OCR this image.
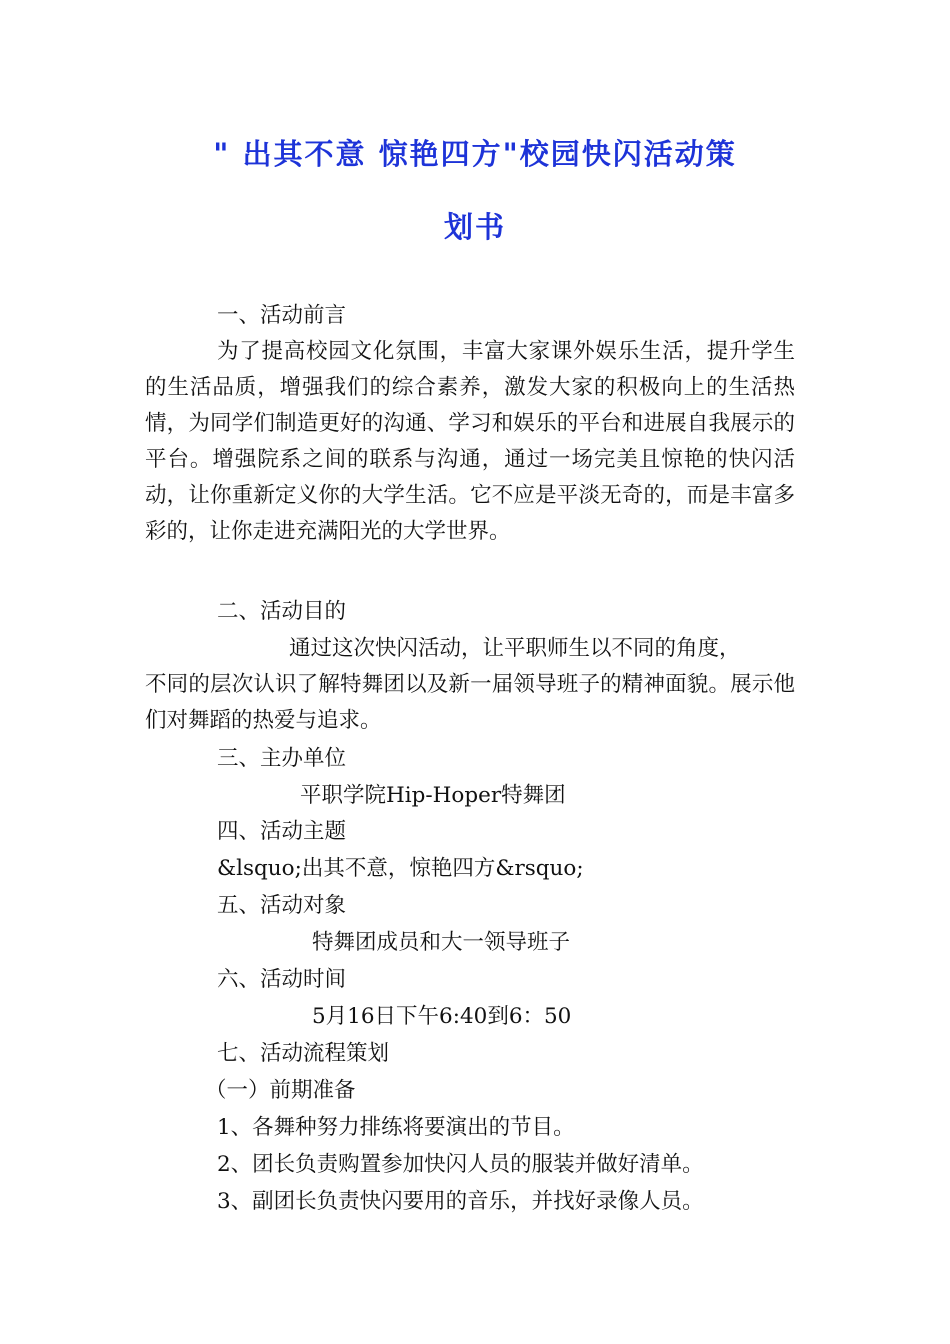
" 出其不意 惊艳四方"校园快闪活动策
划书
一、活动前言
为了提高校园文化氛围，丰富大家课外娱乐生活，提升学生的生活品质，增强我们的综合素养，激发大家的积极向上的生活热情，为同学们制造更好的沟通、学习和娱乐的平台和进展自我展示的平台。增强院系之间的联系与沟通，通过一场完美且惊艳的快闪活动，让你重新定义你的大学生活。它不应是平淡无奇的，而是丰富多彩的，让你走进充满阳光的大学世界。
二、活动目的
通过这次快闪活动，让平职师生以不同的角度，
不同的层次认识了解特舞团以及新一届领导班子的精神面貌。展示他们对舞蹈的热爱与追求。
三、主办单位
平职学院Hip-Hoper特舞团
四、活动主题
&lsquo;出其不意，惊艳四方&rsquo;
五、活动对象
特舞团成员和大一领导班子
六、活动时间
5月16日下午6:40到6：50
七、活动流程策划
（一）前期准备
1、各舞种努力排练将要演出的节目。
2、团长负责购置参加快闪人员的服装并做好清单。
3、副团长负责快闪要用的音乐，并找好录像人员。
